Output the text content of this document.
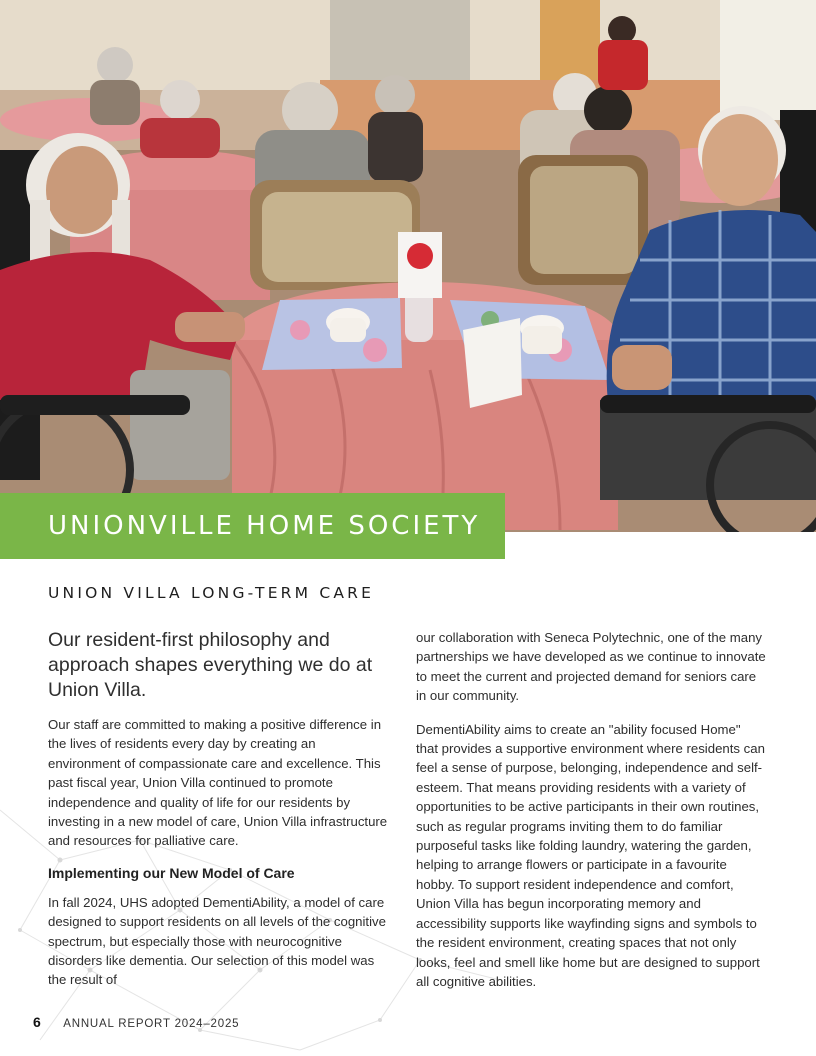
UNIONVILLE HOME SOCIETY
UNION VILLA LONG-TERM CARE

Our resident-first philosophy and approach shapes everything we do at Union Villa.

Our staff are committed to making a positive difference in the lives of residents every day by creating an environment of compassionate care and excellence. This past fiscal year, Union Villa continued to promote independence and quality of life for our residents by investing in a new model of care, Union Villa infrastructure and resources for palliative care.

Implementing our New Model of Care

In fall 2024, UHS adopted DementiAbility, a model of care designed to support residents on all levels of the cognitive spectrum, but especially those with neurocognitive disorders like dementia. Our selection of this model was the result of

our collaboration with Seneca Polytechnic, one of the many partnerships we have developed as we continue to innovate to meet the current and projected demand for seniors care in our community.

DementiAbility aims to create an "ability focused Home" that provides a supportive environment where residents can feel a sense of purpose, belonging, independence and self-esteem. That means providing residents with a variety of opportunities to be active participants in their own routines, such as regular programs inviting them to do familiar purposeful tasks like folding laundry, watering the garden, helping to arrange flowers or participate in a favourite hobby. To support resident independence and comfort, Union Villa has begun incorporating memory and accessibility supports like wayfinding signs and symbols to the resident environment, creating spaces that not only looks, feel and smell like home but are designed to support all cognitive abilities.

6 ANNUAL REPORT 2024–2025
